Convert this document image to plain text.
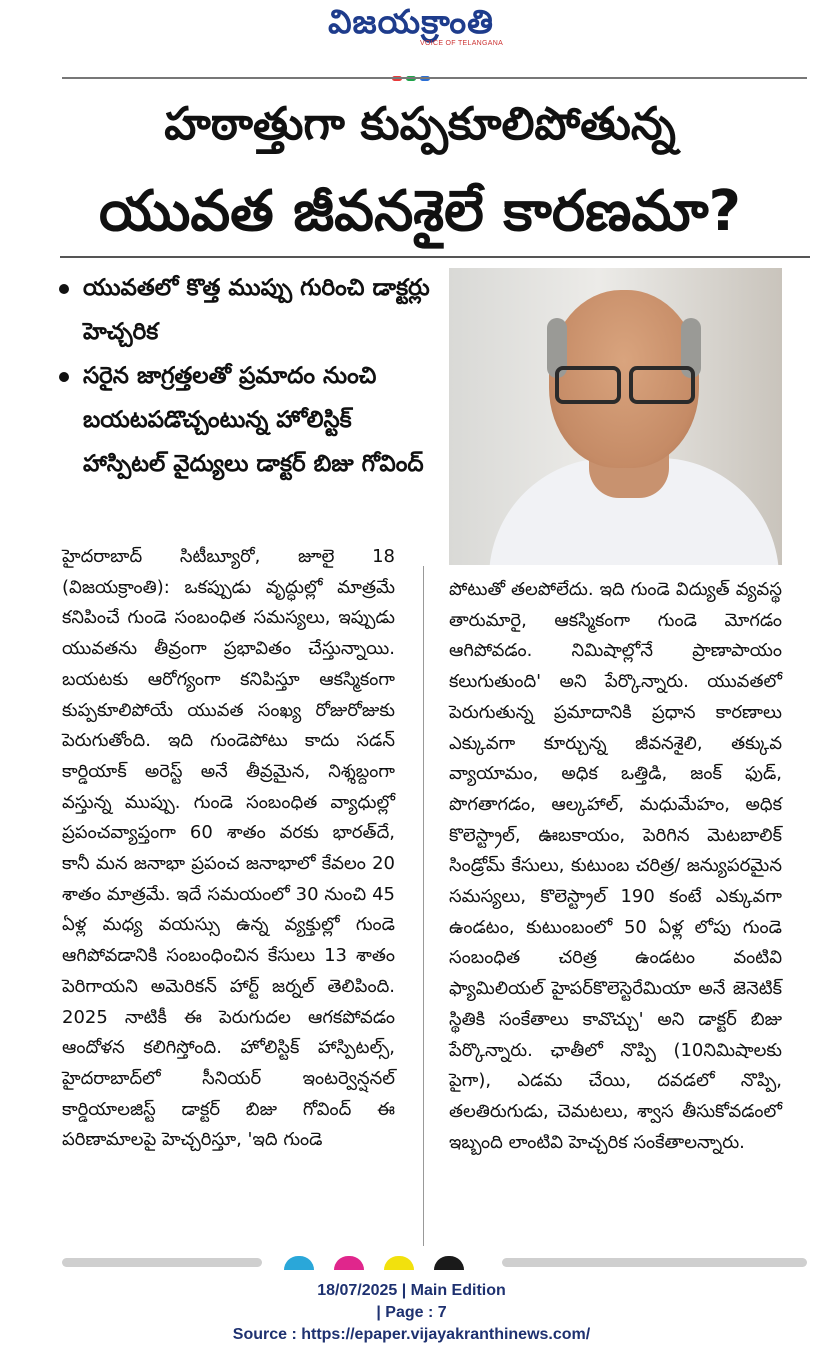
విజయక్రాంతి
VOICE OF TELANGANA
హఠాత్తుగా కుప్పకూలిపోతున్న
యువత జీవనశైలే కారణమా?
యువతలో కొత్త ముప్పు గురించి డాక్టర్లు హెచ్చరిక
సరైన జాగ్రత్తలతో ప్రమాదం నుంచి బయటపడొచ్చంటున్న హోలిస్టిక్ హాస్పిటల్ వైద్యులు డాక్టర్ బిజు గోవింద్
హైదరాబాద్ సిటీబ్యూరో, జూలై 18 (విజయక్రాంతి): ఒకప్పుడు వృద్ధుల్లో మాత్రమే కనిపించే గుండె సంబంధిత సమస్యలు, ఇప్పుడు యువతను తీవ్రంగా ప్రభావితం చేస్తున్నాయి. బయటకు ఆరోగ్యంగా కనిపిస్తూ ఆకస్మికంగా కుప్పకూలిపోయే యువత సంఖ్య రోజురోజుకు పెరుగుతోంది. ఇది గుండెపోటు కాదు సడన్ కార్డియాక్ అరెస్ట్ అనే తీవ్రమైన, నిశ్శబ్దంగా వస్తున్న ముప్పు. గుండె సంబంధిత వ్యాధుల్లో ప్రపంచవ్యాప్తంగా 60 శాతం వరకు భారత్‌దే, కానీ మన జనాభా ప్రపంచ జనాభాలో కేవలం 20 శాతం మాత్రమే. ఇదే సమయంలో 30 నుంచి 45 ఏళ్ల మధ్య వయస్సు ఉన్న వ్యక్తుల్లో గుండె ఆగిపోవడానికి సంబంధించిన కేసులు 13 శాతం పెరిగాయని అమెరికన్ హార్ట్ జర్నల్ తెలిపింది. 2025 నాటికీ ఈ పెరుగుదల ఆగకపోవడం ఆందోళన కలిగిస్తోంది. హోలిస్టిక్ హాస్పిటల్స్, హైదరాబాద్‌లో సీనియర్ ఇంటర్వెన్షనల్ కార్డియాలజిస్ట్ డాక్టర్ బిజు గోవింద్ ఈ పరిణామాలపై హెచ్చరిస్తూ, 'ఇది గుండె
పోటుతో తలపోలేదు. ఇది గుండె విద్యుత్ వ్యవస్థ తారుమారై, ఆకస్మికంగా గుండె మోగడం ఆగిపోవడం. నిమిషాల్లోనే ప్రాణాపాయం కలుగుతుంది' అని పేర్కొన్నారు. యువతలో పెరుగుతున్న ప్రమాదానికి ప్రధాన కారణాలు ఎక్కువగా కూర్చున్న జీవనశైలి, తక్కువ వ్యాయామం, అధిక ఒత్తిడి, జంక్ ఫుడ్, పొగతాగడం, ఆల్కహాల్, మధుమేహం, అధిక కొలెస్ట్రాల్, ఊబకాయం, పెరిగిన మెటబాలిక్ సిండ్రోమ్ కేసులు, కుటుంబ చరిత్ర/ జన్యుపరమైన సమస్యలు, కొలెస్ట్రాల్ 190 కంటే ఎక్కువగా ఉండటం, కుటుంబంలో 50 ఏళ్ల లోపు గుండె సంబంధిత చరిత్ర ఉండటం వంటివి ఫ్యామిలియల్ హైపర్‌కొలెస్టెరేమియా అనే జెనెటిక్ స్థితికి సంకేతాలు కావొచ్చు' అని డాక్టర్ బిజు పేర్కొన్నారు. ఛాతీలో నొప్పి (10నిమిషాలకు పైగా), ఎడమ చేయి, దవడలో నొప్పి, తలతిరుగుడు, చెమటలు, శ్వాస తీసుకోవడంలో ఇబ్బంది లాంటివి హెచ్చరిక సంకేతాలన్నారు.
18/07/2025 | Main Edition
| Page : 7
Source : https://epaper.vijayakranthinews.com/
